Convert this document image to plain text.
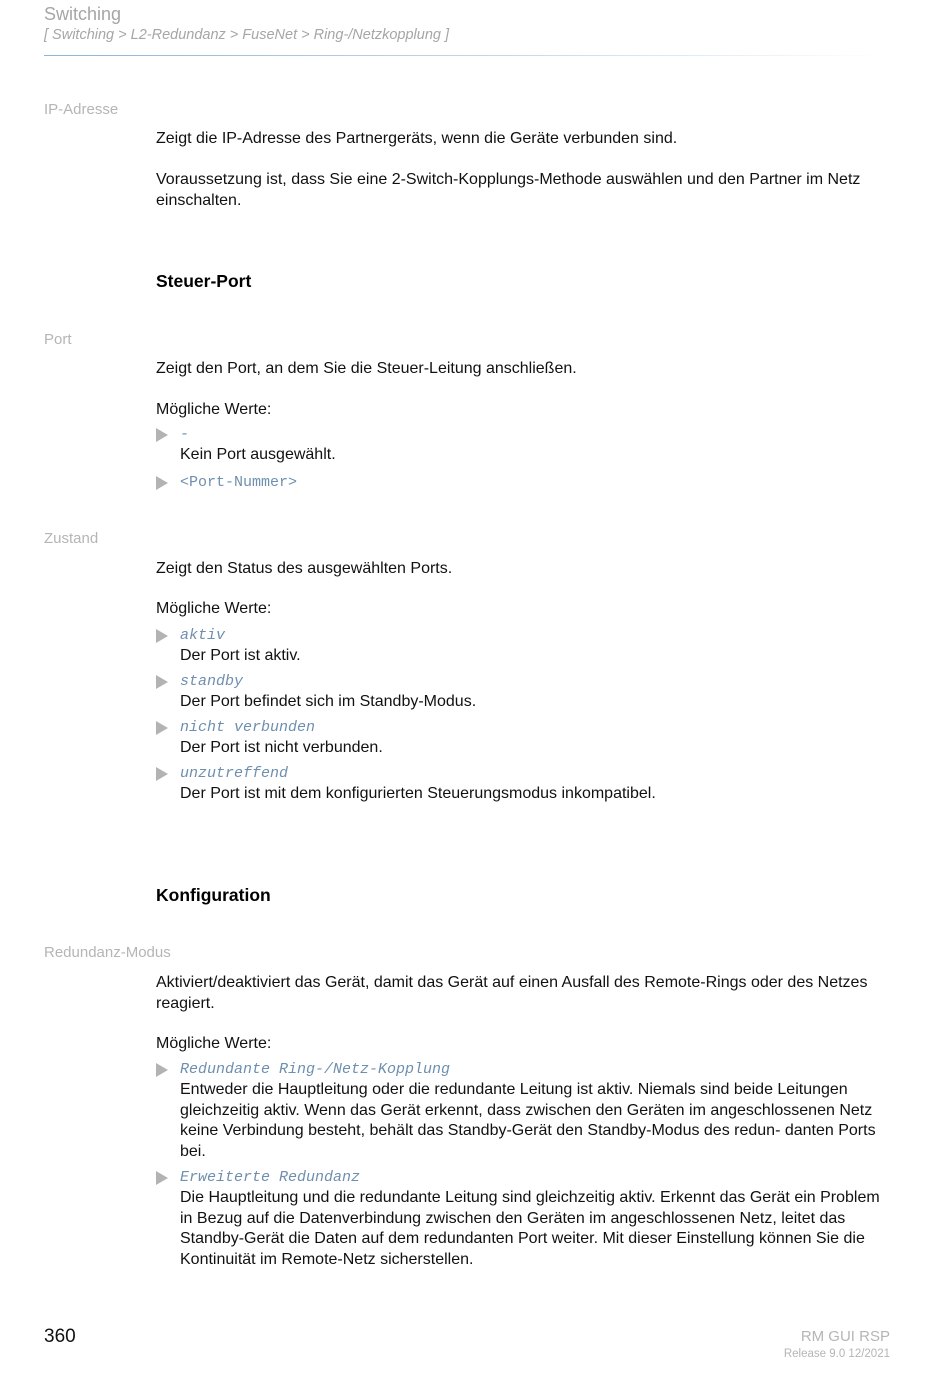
Switching
[ Switching > L2-Redundanz > FuseNet > Ring-/Netzkopplung ]
IP-Adresse
Zeigt die IP-Adresse des Partnergeräts, wenn die Geräte verbunden sind.
Voraussetzung ist, dass Sie eine 2-Switch-Kopplungs-Methode auswählen und den Partner im Netz einschalten.
Steuer-Port
Port
Zeigt den Port, an dem Sie die Steuer-Leitung anschließen.
Mögliche Werte:
-
Kein Port ausgewählt.
<Port-Nummer>
Zustand
Zeigt den Status des ausgewählten Ports.
Mögliche Werte:
aktiv
Der Port ist aktiv.
standby
Der Port befindet sich im Standby-Modus.
nicht verbunden
Der Port ist nicht verbunden.
unzutreffend
Der Port ist mit dem konfigurierten Steuerungsmodus inkompatibel.
Konfiguration
Redundanz-Modus
Aktiviert/deaktiviert das Gerät, damit das Gerät auf einen Ausfall des Remote-Rings oder des Netzes reagiert.
Mögliche Werte:
Redundante Ring-/Netz-Kopplung
Entweder die Hauptleitung oder die redundante Leitung ist aktiv. Niemals sind beide Leitungen gleichzeitig aktiv. Wenn das Gerät erkennt, dass zwischen den Geräten im angeschlossenen Netz keine Verbindung besteht, behält das Standby-Gerät den Standby-Modus des redun- danten Ports bei.
Erweiterte Redundanz
Die Hauptleitung und die redundante Leitung sind gleichzeitig aktiv. Erkennt das Gerät ein Problem in Bezug auf die Datenverbindung zwischen den Geräten im angeschlossenen Netz, leitet das Standby-Gerät die Daten auf dem redundanten Port weiter. Mit dieser Einstellung können Sie die Kontinuität im Remote-Netz sicherstellen.
360	RM GUI RSP
Release 9.0 12/2021
